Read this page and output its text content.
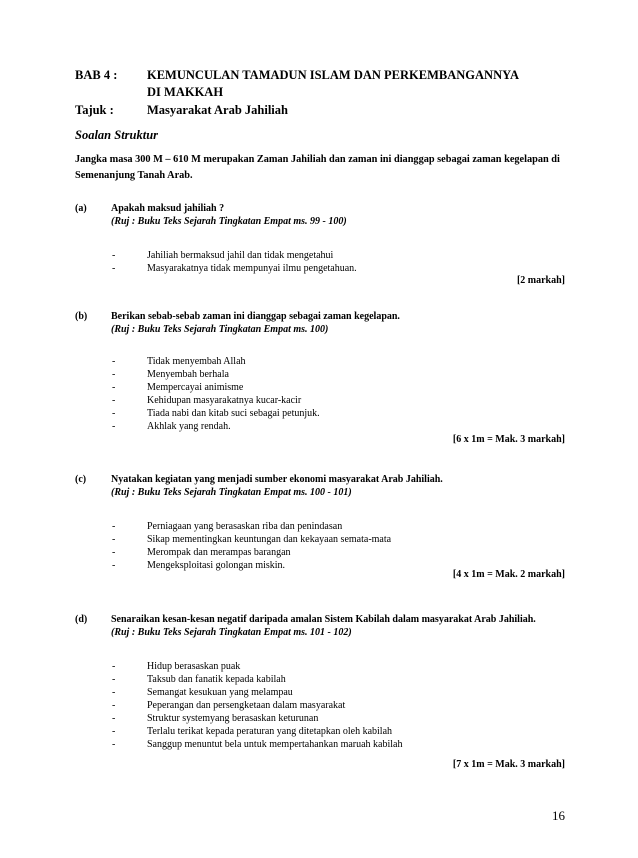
BAB 4 : KEMUNCULAN TAMADUN ISLAM DAN PERKEMBANGANNYA
DI MAKKAH
Tajuk :	Masyarakat Arab Jahiliah
Soalan Struktur
Jangka masa 300 M – 610 M merupakan Zaman Jahiliah dan zaman ini dianggap sebagai zaman kegelapan di Semenanjung Tanah Arab.
(a) Apakah maksud jahiliah ?
(Ruj : Buku Teks Sejarah Tingkatan Empat ms. 99 - 100)
-	Jahiliah bermaksud jahil dan tidak mengetahui
-	Masyarakatnya tidak mempunyai ilmu pengetahuan.
[2 markah]
(b) Berikan sebab-sebab zaman ini dianggap sebagai zaman kegelapan.
(Ruj : Buku Teks Sejarah Tingkatan Empat ms. 100)
-	Tidak menyembah Allah
-	Menyembah berhala
-	Mempercayai animisme
-	Kehidupan masyarakatnya kucar-kacir
-	Tiada nabi dan kitab suci sebagai petunjuk.
-	Akhlak yang rendah.
[6 x 1m = Mak. 3 markah]
(c) Nyatakan kegiatan yang menjadi sumber ekonomi masyarakat Arab Jahiliah.
(Ruj : Buku Teks Sejarah Tingkatan Empat ms. 100 - 101)
-	Perniagaan yang berasaskan riba dan penindasan
-	Sikap mementingkan keuntungan dan kekayaan semata-mata
-	Merompak dan merampas barangan
-	Mengeksploitasi golongan miskin.
[4 x 1m = Mak. 2 markah]
(d) Senaraikan kesan-kesan negatif daripada amalan Sistem Kabilah dalam masyarakat Arab Jahiliah.
(Ruj : Buku Teks Sejarah Tingkatan Empat ms. 101 - 102)
-	Hidup berasaskan puak
-	Taksub dan fanatik kepada kabilah
-	Semangat kesukuan yang melampau
-	Peperangan dan persengketaan dalam masyarakat
-	Struktur systemyang berasaskan keturunan
-	Terlalu terikat kepada peraturan yang ditetapkan oleh kabilah
-	Sanggup menuntut bela untuk mempertahankan maruah kabilah
[7 x 1m = Mak. 3 markah]
16
